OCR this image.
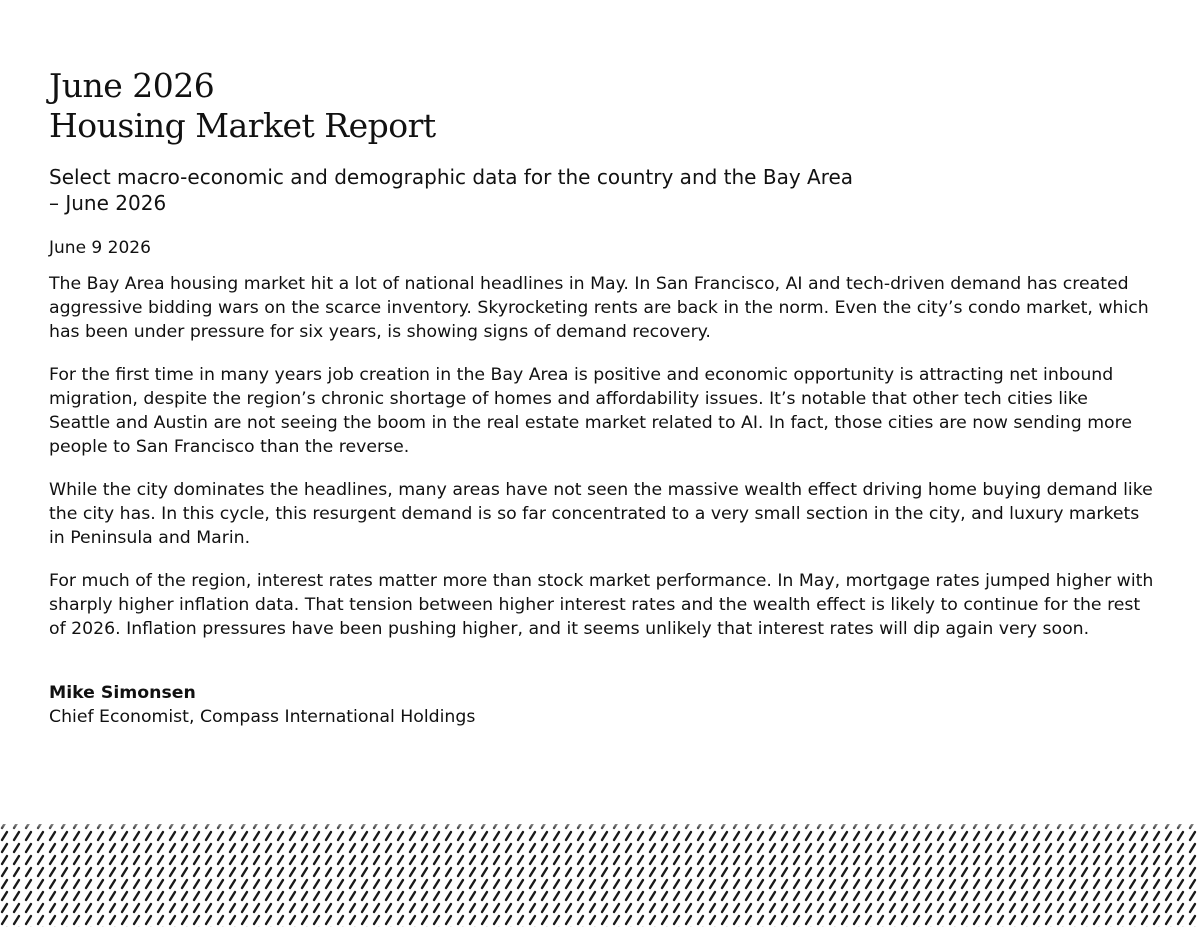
June 2026
Housing Market Report
Select macro-economic and demographic data for the country and the Bay Area – June 2026
June 9 2026

The Bay Area housing market hit a lot of national headlines in May. In San Francisco, AI and tech-driven demand has created aggressive bidding wars on the scarce inventory. Skyrocketing rents are back in the norm. Even the city’s condo market, which has been under pressure for six years, is showing signs of demand recovery.

For the first time in many years job creation in the Bay Area is positive and economic opportunity is attracting net inbound migration, despite the region’s chronic shortage of homes and affordability issues. It’s notable that other tech cities like Seattle and Austin are not seeing the boom in the real estate market related to AI. In fact, those cities are now sending more people to San Francisco than the reverse.

While the city dominates the headlines, many areas have not seen the massive wealth effect driving home buying demand like the city has. In this cycle, this resurgent demand is so far concentrated to a very small section in the city, and luxury markets in Peninsula and Marin.

For much of the region, interest rates matter more than stock market performance. In May, mortgage rates jumped higher with sharply higher inflation data. That tension between higher interest rates and the wealth effect is likely to continue for the rest of 2026. Inflation pressures have been pushing higher, and it seems unlikely that interest rates will dip again very soon.

Mike Simonsen
Chief Economist, Compass International Holdings
